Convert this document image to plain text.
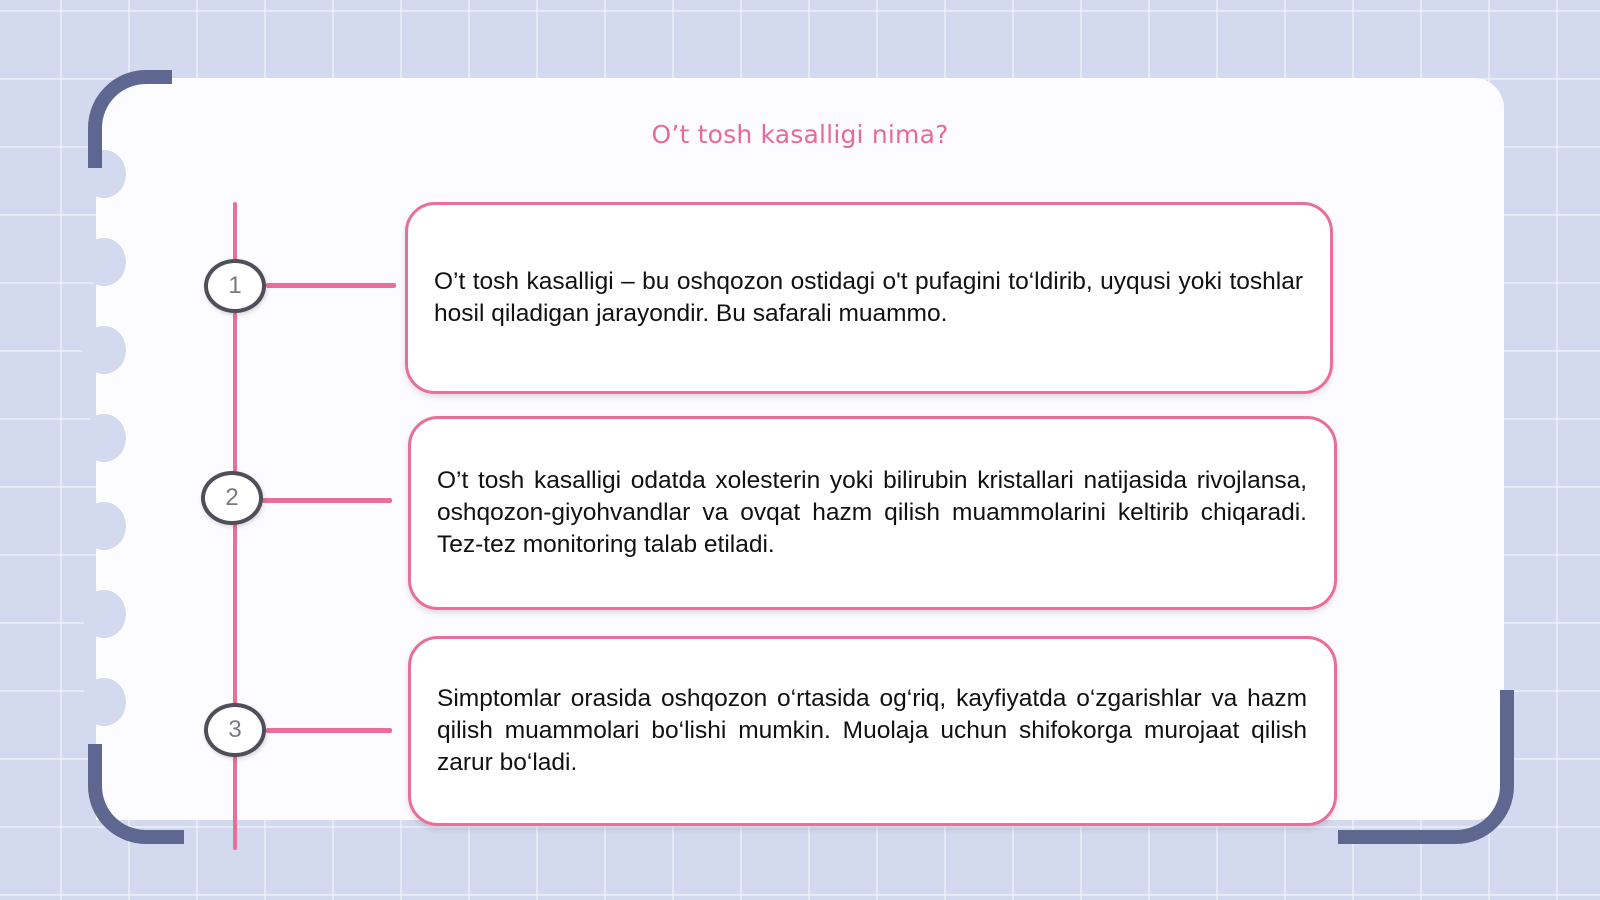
O’t tosh kasalligi nima?
1
2
3

O’t tosh kasalligi – bu oshqozon ostidagi o't pufagini to‘ldirib, uyqusi yoki toshlar hosil qiladigan jarayondir. Bu safarali muammo.

O’t tosh kasalligi odatda xolesterin yoki bilirubin kristallari natijasida rivojlansa, oshqozon-giyohvandlar va ovqat hazm qilish muammolarini keltirib chiqaradi. Tez-tez monitoring talab etiladi.

Simptomlar orasida oshqozon o‘rtasida og‘riq, kayfiyatda o‘zgarishlar va hazm qilish muammolari bo‘lishi mumkin. Muolaja uchun shifokorga murojaat qilish zarur bo‘ladi.
